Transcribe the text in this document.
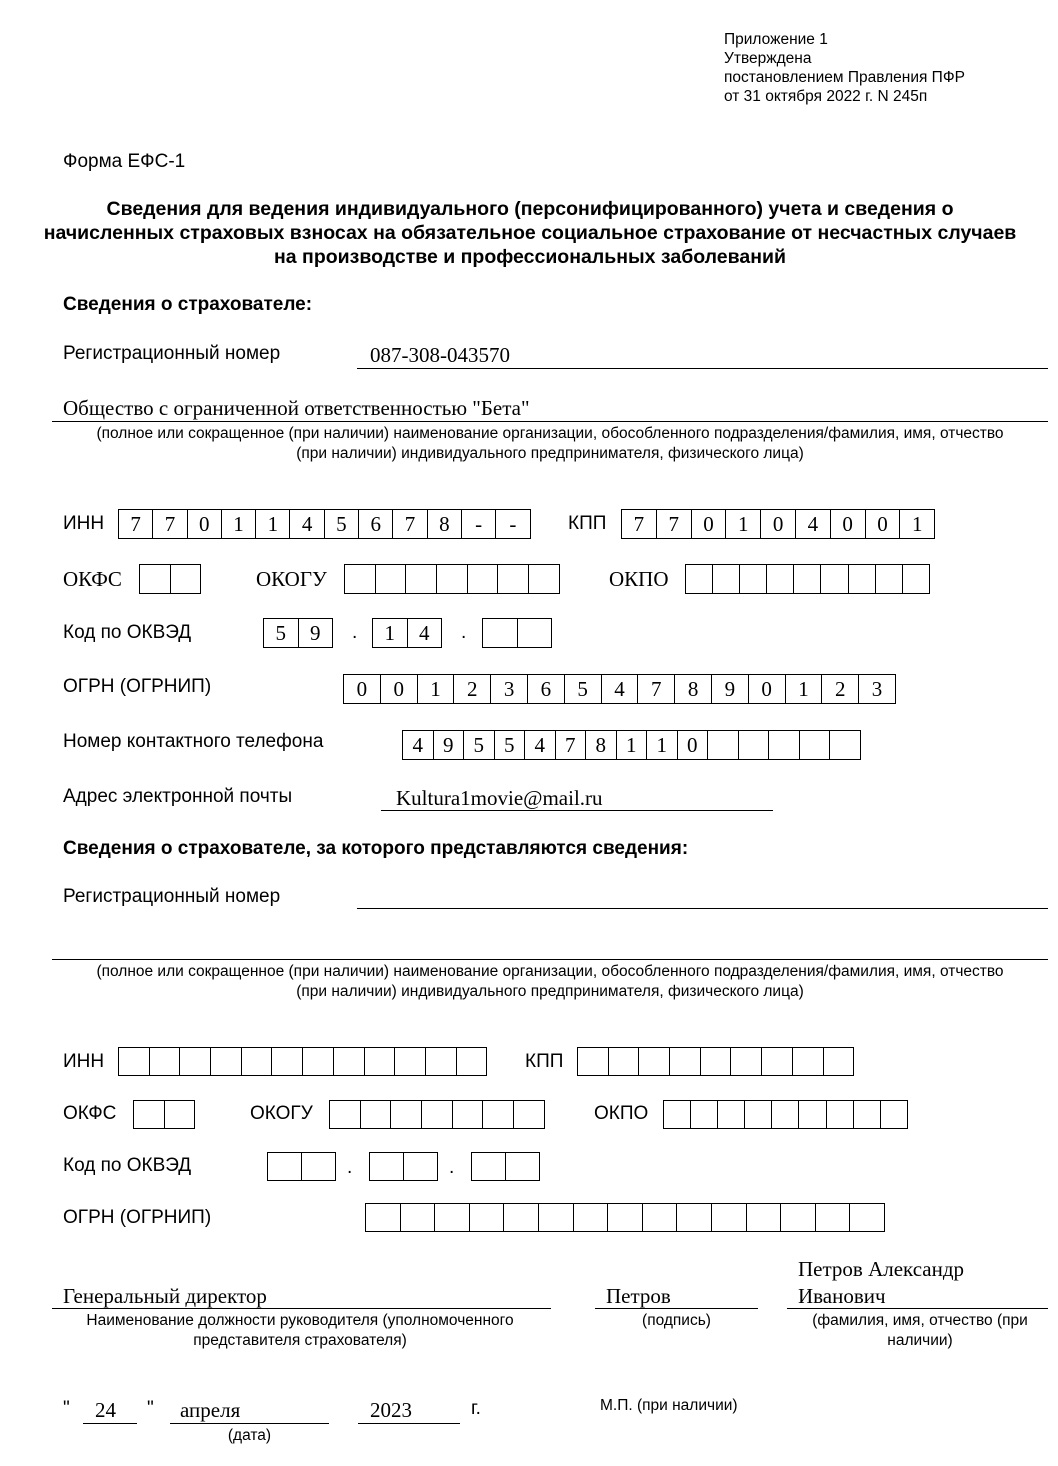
Приложение 1
Утверждена
постановлением Правления ПФР
от 31 октября 2022 г. N 245п
Форма ЕФС-1
Сведения для ведения индивидуального (персонифицированного) учета и сведения о начисленных страховых взносах на обязательное социальное страхование от несчастных случаев на производстве и профессиональных заболеваний
Сведения о страхователе:
Регистрационный номер	087-308-043570
Общество с ограниченной ответственностью "Бета"
(полное или сокращенное (при наличии) наименование организации, обособленного подразделения/фамилия, имя, отчество (при наличии) индивидуального предпринимателя, физического лица)
ИНН	7	7	0	1	1	4	5	6	7	8	-	-	КПП	7	7	0	1	0	4	0	0	1
ОКФС	ОКОГУ	ОКПО
Код по ОКВЭД	5	9	.	1	4	.
ОГРН (ОГРНИП)	0	0	1	2	3	6	5	4	7	8	9	0	1	2	3
Номер контактного телефона	4 9 5 5 4 7 8 1 1 0
Адрес электронной почты	Kultura1movie@mail.ru
Сведения о страхователе, за которого представляются сведения:
Регистрационный номер
(полное или сокращенное (при наличии) наименование организации, обособленного подразделения/фамилия, имя, отчество (при наличии) индивидуального предпринимателя, физического лица)
ИНН	КПП
ОКФС	ОКОГУ	ОКПО
Код по ОКВЭД	.	.
ОГРН (ОГРНИП)
Генеральный директор
Наименование должности руководителя (уполномоченного представителя страхователя)
Петров
(подпись)
Петров Александр
Иванович
(фамилия, имя, отчество (при наличии)
" 24 " апреля	2023	г.
(дата)
М.П. (при наличии)
